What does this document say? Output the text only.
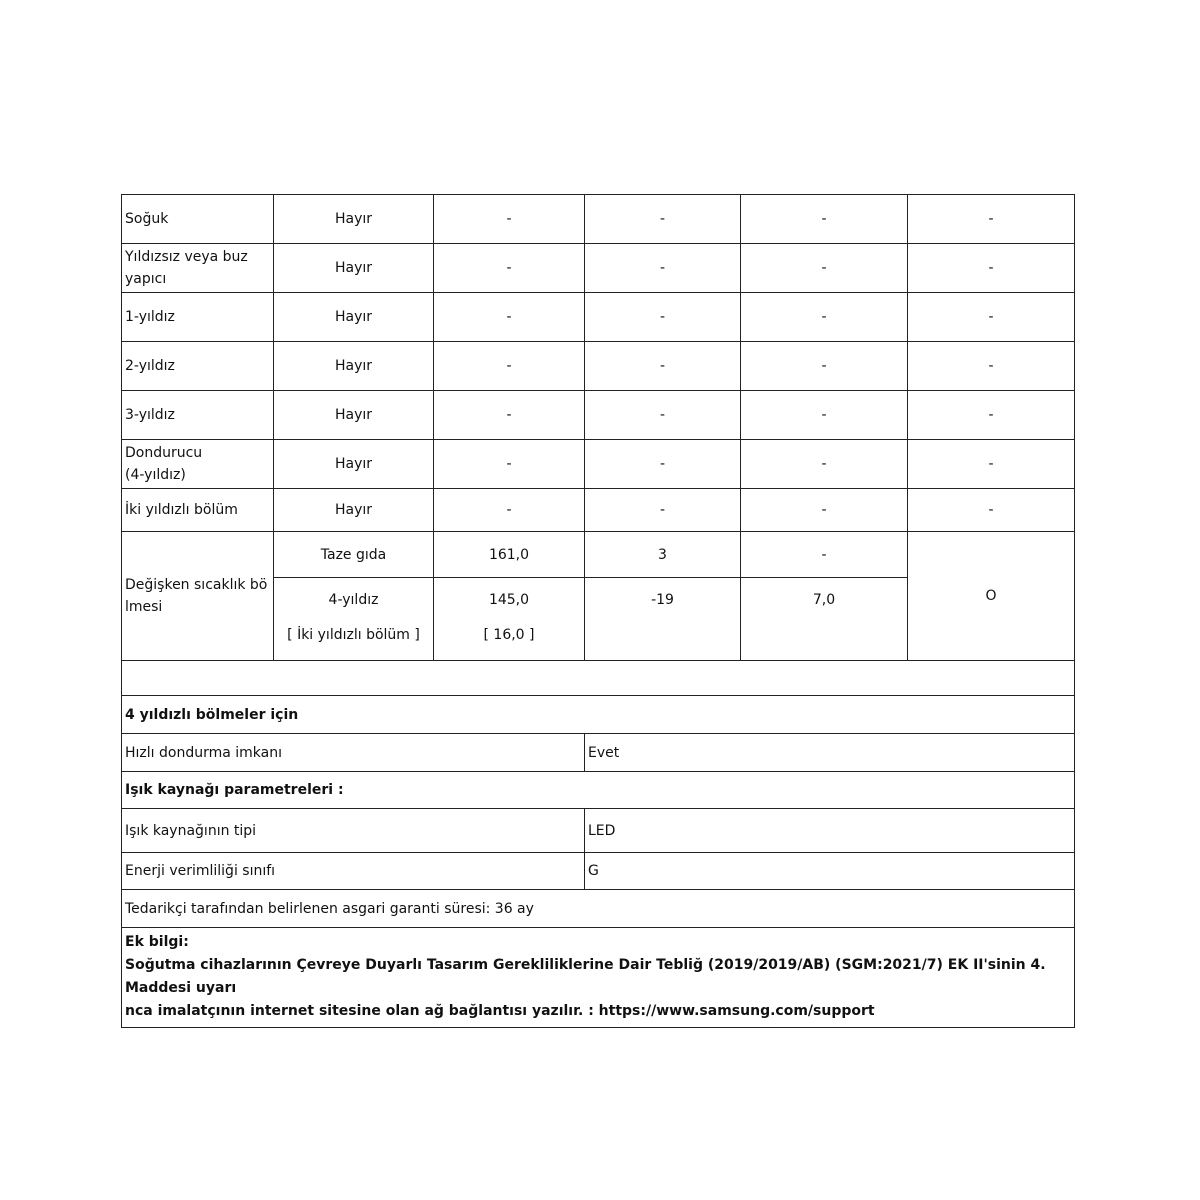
Soğuk	Hayır	-	-	-	-
Yıldızsız veya buz yapıcı	Hayır	-	-	-	-
1-yıldız	Hayır	-	-	-	-
2-yıldız	Hayır	-	-	-	-
3-yıldız	Hayır	-	-	-	-

Dondurucu
(4-yıldız)	Hayır	-	-	-	-
İki yıldızlı bölüm	Hayır	-	-	-	-
Değişken sıcaklık bö lmesi	Taze gıda	161,0	3	-	O
	4-yıldız	145,0	-19	7,0	
	[ İki yıldızlı bölüm ]	[ 16,0 ]			

4 yıldızlı bölmeler için					
Hızlı dondurma imkanı			Evet		
Işık kaynağı parametreleri :					
Işık kaynağının tipi			LED		
Enerji verimliliği sınıfı			G		
Tedarikçi tarafından belirlenen asgari garanti süresi: 36 ay					

Ek bilgi:
Soğutma cihazlarının Çevreye Duyarlı Tasarım Gerekliliklerine Dair Tebliğ (2019/2019/AB) (SGM:2021/7) EK II'sinin 4. Maddesi uyarı
nca imalatçının internet sitesine olan ağ bağlantısı yazılır. : https://www.samsung.com/support					
